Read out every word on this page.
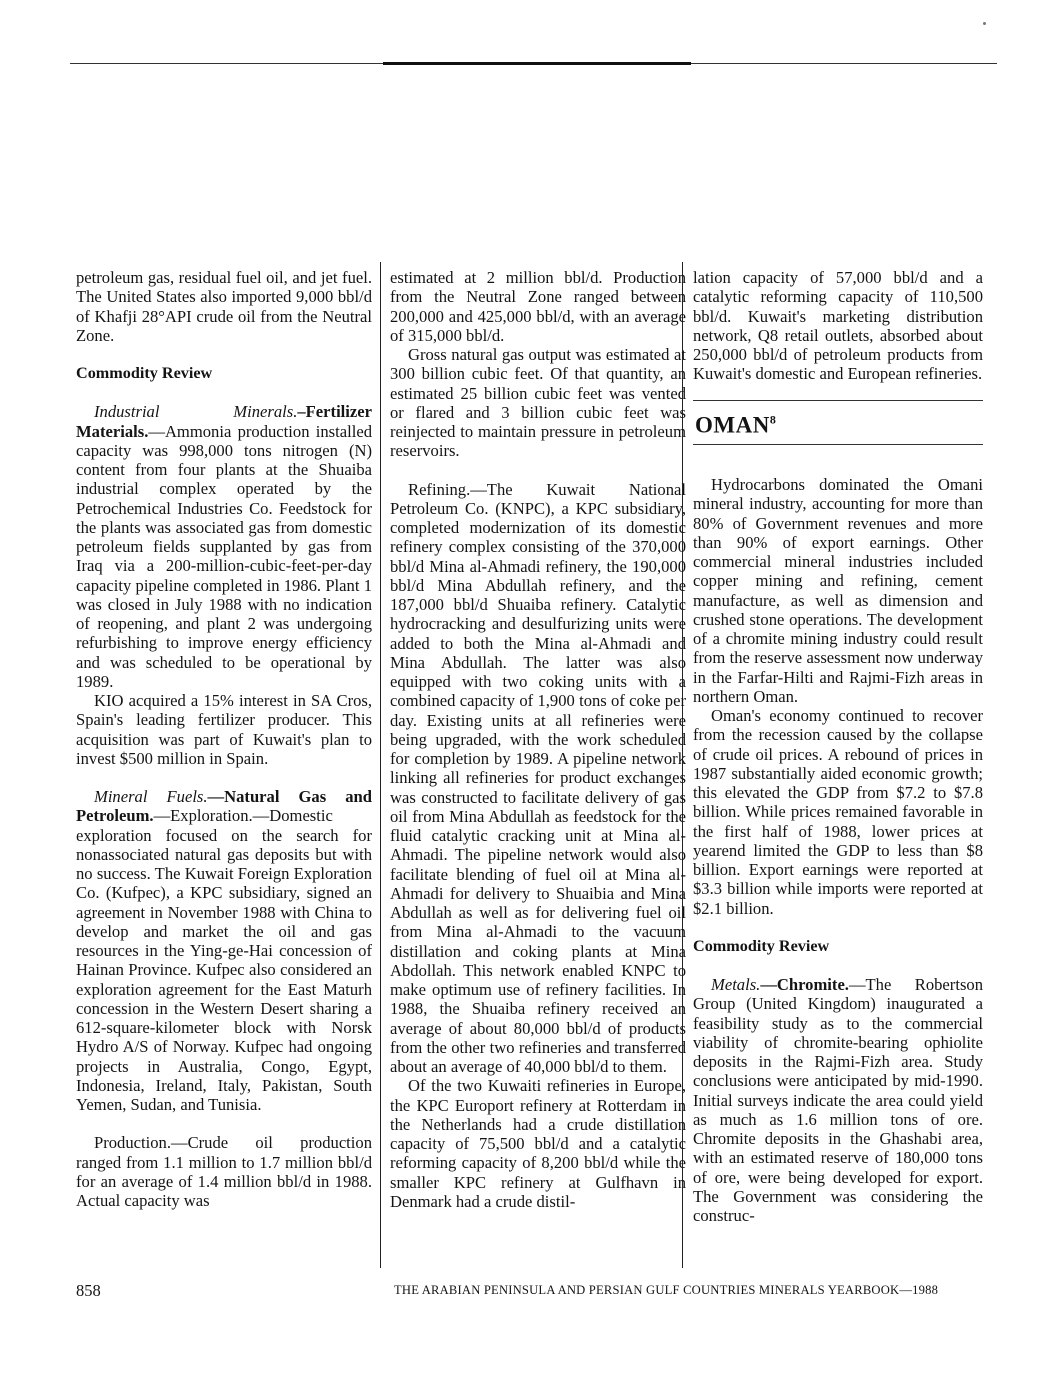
petroleum gas, residual fuel oil, and jet fuel. The United States also imported 9,000 bbl/d of Khafji 28°API crude oil from the Neutral Zone.

Commodity Review

Industrial Minerals.–Fertilizer Materials.—Ammonia production installed capacity was 998,000 tons nitrogen (N) content from four plants at the Shuaiba industrial complex operated by the Petrochemical Industries Co. Feedstock for the plants was associated gas from domestic petroleum fields supplanted by gas from Iraq via a 200-million-cubic-feet-per-day capacity pipeline completed in 1986. Plant 1 was closed in July 1988 with no indication of reopening, and plant 2 was undergoing refurbishing to improve energy efficiency and was scheduled to be operational by 1989.

KIO acquired a 15% interest in SA Cros, Spain's leading fertilizer producer. This acquisition was part of Kuwait's plan to invest $500 million in Spain.

Mineral Fuels.—Natural Gas and Petroleum.—Exploration.—Domestic exploration focused on the search for nonassociated natural gas deposits but with no success. The Kuwait Foreign Exploration Co. (Kufpec), a KPC subsidiary, signed an agreement in November 1988 with China to develop and market the oil and gas resources in the Ying-ge-Hai concession of Hainan Province. Kufpec also considered an exploration agreement for the East Maturh concession in the Western Desert sharing a 612-square-kilometer block with Norsk Hydro A/S of Norway. Kufpec had ongoing projects in Australia, Congo, Egypt, Indonesia, Ireland, Italy, Pakistan, South Yemen, Sudan, and Tunisia.

Production.—Crude oil production ranged from 1.1 million to 1.7 million bbl/d for an average of 1.4 million bbl/d in 1988. Actual capacity was

estimated at 2 million bbl/d. Production from the Neutral Zone ranged between 200,000 and 425,000 bbl/d, with an average of 315,000 bbl/d.

Gross natural gas output was estimated at 300 billion cubic feet. Of that quantity, an estimated 25 billion cubic feet was vented or flared and 3 billion cubic feet was reinjected to maintain pressure in petroleum reservoirs.

Refining.—The Kuwait National Petroleum Co. (KNPC), a KPC subsidiary, completed modernization of its domestic refinery complex consisting of the 370,000 bbl/d Mina al-Ahmadi refinery, the 190,000 bbl/d Mina Abdullah refinery, and the 187,000 bbl/d Shuaiba refinery. Catalytic hydrocracking and desulfurizing units were added to both the Mina al-Ahmadi and Mina Abdullah. The latter was also equipped with two coking units with a combined capacity of 1,900 tons of coke per day. Existing units at all refineries were being upgraded, with the work scheduled for completion by 1989. A pipeline network linking all refineries for product exchanges was constructed to facilitate delivery of gas oil from Mina Abdullah as feedstock for the fluid catalytic cracking unit at Mina al-Ahmadi. The pipeline network would also facilitate blending of fuel oil at Mina al-Ahmadi for delivery to Shuaibia and Mina Abdullah as well as for delivering fuel oil from Mina al-Ahmadi to the vacuum distillation and coking plants at Mina Abdollah. This network enabled KNPC to make optimum use of refinery facilities. In 1988, the Shuaiba refinery received an average of about 80,000 bbl/d of products from the other two refineries and transferred about an average of 40,000 bbl/d to them.

Of the two Kuwaiti refineries in Europe, the KPC Europort refinery at Rotterdam in the Netherlands had a crude distillation capacity of 75,500 bbl/d and a catalytic reforming capacity of 8,200 bbl/d while the smaller KPC refinery at Gulfhavn in Denmark had a crude distil-

lation capacity of 57,000 bbl/d and a catalytic reforming capacity of 110,500 bbl/d. Kuwait's marketing distribution network, Q8 retail outlets, absorbed about 250,000 bbl/d of petroleum products from Kuwait's domestic and European refineries.

OMAN$^8$

Hydrocarbons dominated the Omani mineral industry, accounting for more than 80% of Government revenues and more than 90% of export earnings. Other commercial mineral industries included copper mining and refining, cement manufacture, as well as dimension and crushed stone operations. The development of a chromite mining industry could result from the reserve assessment now underway in the Farfar-Hilti and Rajmi-Fizh areas in northern Oman.

Oman's economy continued to recover from the recession caused by the collapse of crude oil prices. A rebound of prices in 1987 substantially aided economic growth; this elevated the GDP from $7.2 to $7.8 billion. While prices remained favorable in the first half of 1988, lower prices at yearend limited the GDP to less than $8 billion. Export earnings were reported at $3.3 billion while imports were reported at $2.1 billion.

Commodity Review

Metals.—Chromite.—The Robertson Group (United Kingdom) inaugurated a feasibility study as to the commercial viability of chromite-bearing ophiolite deposits in the Rajmi-Fizh area. Study conclusions were anticipated by mid-1990. Initial surveys indicate the area could yield as much as 1.6 million tons of ore. Chromite deposits in the Ghashabi area, with an estimated reserve of 180,000 tons of ore, were being developed for export. The Government was considering the construc-

858	THE ARABIAN PENINSULA AND PERSIAN GULF COUNTRIES MINERALS YEARBOOK—1988
